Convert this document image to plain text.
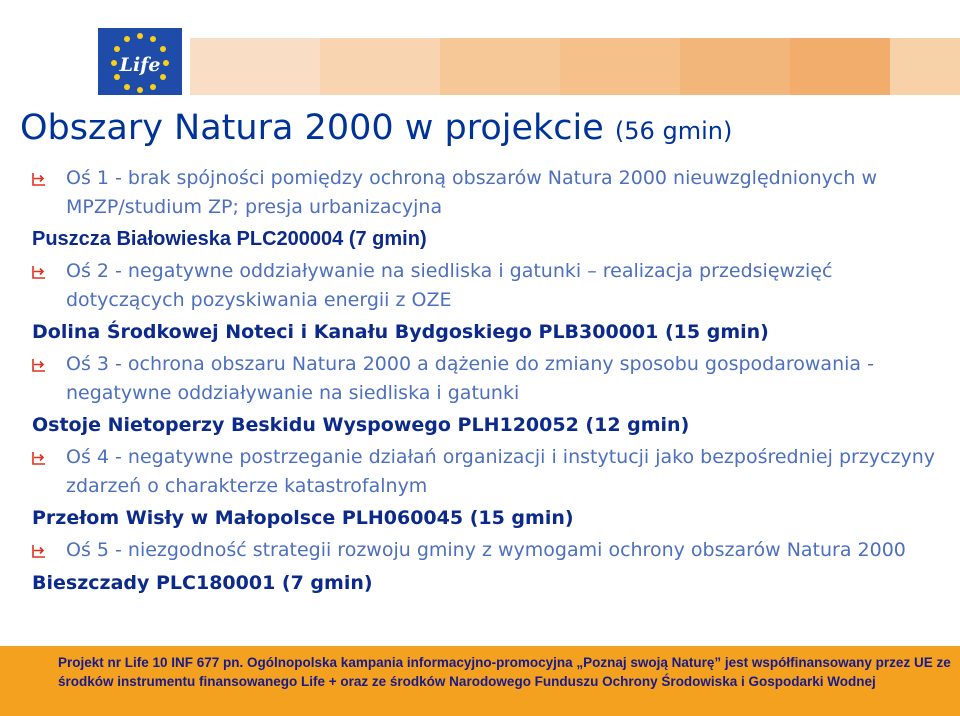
Life
Obszary Natura 2000 w projekcie (56 gmin)
Oś 1 - brak spójności pomiędzy ochroną obszarów Natura 2000 nieuwzględnionych w MPZP/studium ZP; presja urbanizacyjna
Puszcza Białowieska PLC200004 (7 gmin)
Oś 2 - negatywne oddziaływanie na siedliska i gatunki – realizacja przedsięwzięć dotyczących pozyskiwania energii z OZE
Dolina Środkowej Noteci i Kanału Bydgoskiego PLB300001 (15 gmin)
Oś 3 - ochrona obszaru Natura 2000 a dążenie do zmiany sposobu gospodarowania - negatywne oddziaływanie na siedliska i gatunki
Ostoje Nietoperzy Beskidu Wyspowego PLH120052 (12 gmin)
Oś 4 - negatywne postrzeganie działań organizacji i instytucji jako bezpośredniej przyczyny zdarzeń o charakterze katastrofalnym
Przełom Wisły w Małopolsce PLH060045 (15 gmin)
Oś 5 - niezgodność strategii rozwoju gminy z wymogami ochrony obszarów Natura 2000
Bieszczady PLC180001 (7 gmin)

Projekt nr Life 10 INF 677 pn. Ogólnopolska kampania informacyjno-promocyjna „Poznaj swoją Naturę” jest współfinansowany przez UE ze środków instrumentu finansowanego Life + oraz ze środków Narodowego Funduszu Ochrony Środowiska i Gospodarki Wodnej
